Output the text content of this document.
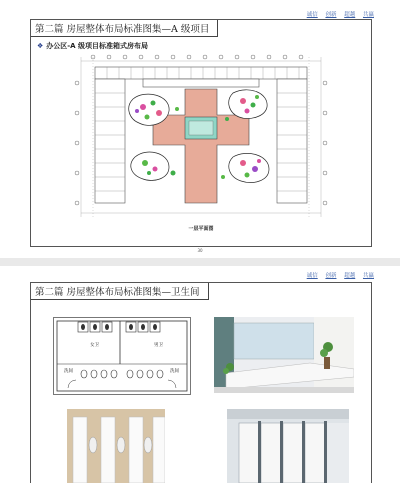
诚信 创新 超越 共赢
第二篇 房屋整体布局标准图集—A 级项目
❖ 办公区-A 级项目标准箱式房布局
一层平面图
30
诚信 创新 超越 共赢
第二篇 房屋整体布局标准图集—卫生间
女卫	男卫
洗间	洗间
